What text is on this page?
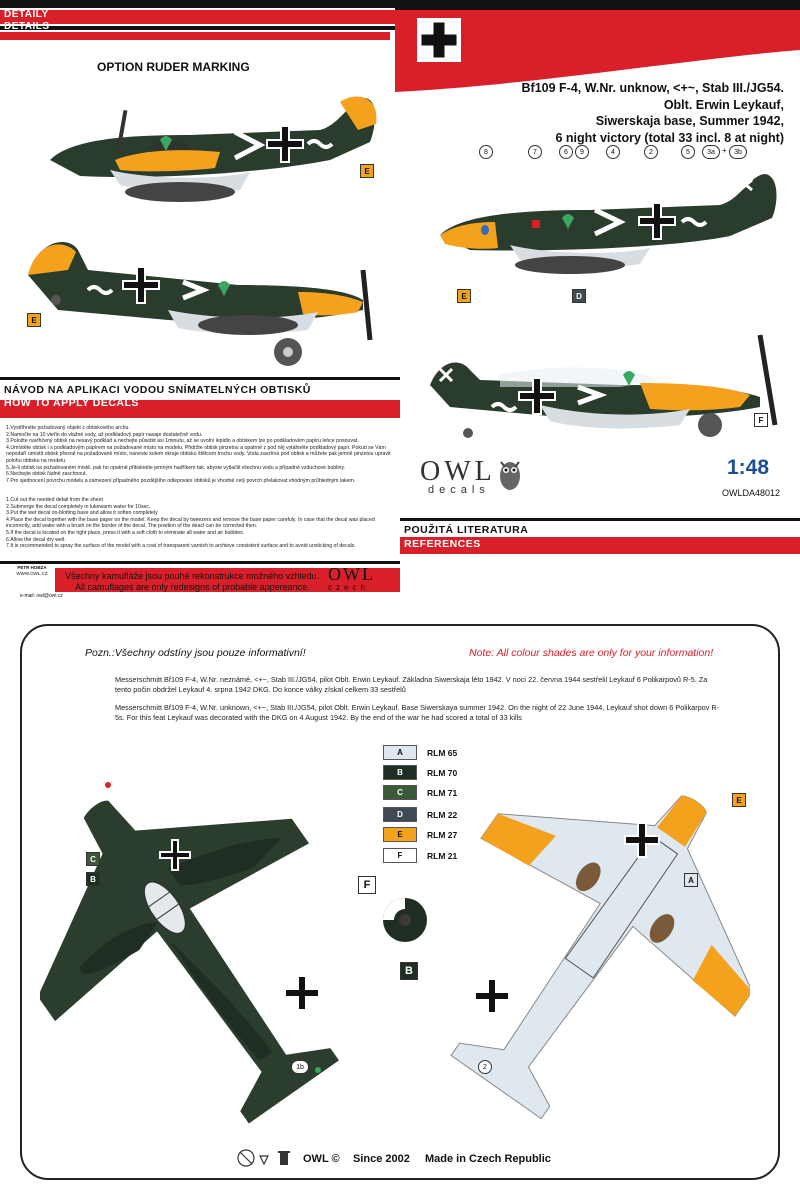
DETAILY
DETAILS
Bf109 F-4, W.Nr. unknow, <+~, Stab III./JG54.
Oblt. Erwin Leykauf,
Siwerskaja base, Summer 1942,
6 night victory (total 33 incl. 8 at night)
OPTION RUDER MARKING
E
E
8	7	6	9	4	2	5	3a +	3b
E	D
F
NÁVOD NA APLIKACI VODOU SNÍMATELNÝCH OBTISKŮ
HOW TO APPLY DECALS
1.Vystřihněte požadovaný objekt z obtiskového archu.
2.Namočte na 10 vteřin do vlažné vody, až podkladový papír nasaje dostatečně vodu.
3.Položte navlhčený obtisk na nesavý podklad a nechejte působit asi 1minutu, až se uvolní lepidlo a obtiskem lze po podkladovém papíru lehce posouvat.
4.Umístěte obtisk i s podkladovým papírem na požadované místo na modelu. Přidržte obtisk pinzetou a opatrně z pod něj vytáhněte podkladový papír. Pokud se Vám nepodaří umístit obtisk přesně na požadované místo, naneste kolem okraje obtisku štětcem trochu vody. Voda zavzlíná pod obtisk a můžete pak jemně pinzetou upravit polohu obtisku na modelu.
5.Je-li obtisk na požadovaném místě, pak ho opatrně přitiskněte jemným hadříkem tak, abyste vytlačili všechnu vodu a případné vzduchové bubliny.
6.Nechejte obtisk řádně zaschnout.
7.Pro sjednocení povrchu modelu a zamezení případného pozdějšího odlepování obtisků je vhodné celý povrch přelakovat vhodným průhledným lakem.
1.Cut out the needed detail from the sheet
2.Submerge the decal completely in lukewarm water for 10sec.
3.Put the wet decal on-blotting base and allow it soften completely
4.Place the decal together with the base paper on the model. Keep the decal by tweezers and remove the base paper carefuly. In case that the decal was placed incorrectly, add water with a brush on the border of the decal. The position of the deacl can be corrected then.
5.If the decal is located on the right place, press it with a soft cloth to eliminate all water and air bubbles.
6.Allow the decal dry well.
7.It is recommended to spray the surface of the model with a coat of transparent varnish to archieve consistent surface and to avoid unsticking of decals.
OWL
decals
1:48
OWLDA48012
POUŽITÁ LITERATURA
REFERENCES
PETR HOBZA
WWW.OWL.CZ
e-mail: owl@owl.cz
Všechny kamufláže jsou pouhé rekonstrukce možného vzhledu.
All camuflages are only redesigns of probable appereance.
OWL
czech
Pozn.:Všechny odstíny jsou pouze informativní!	Note: All colour shades are only for your information!
Messerschmitt Bf109 F-4, W.Nr. neznámé, <+~, Stab III./JG54, pilot Oblt. Erwin Leykauf. Základna Siwerskaja léto 1942. V noci 22. června 1944 sestřelil Leykauf 6 Polikarpovů R-5. Za tento počin obdržel Leykauf 4. srpna 1942 DKG. Do konce války získal celkem 33 sestřelů
Messerschmitt Bf109 F-4, W.Nr. unknown, <+~, Stab III./JG54, pilot Oblt. Erwin Leykauf. Base Siwerskaya summer 1942. On the night of 22 June 1944, Leykauf shot down 6 Polikarpov R-5s. For this feat Leykauf was decorated with the DKG on 4 August 1942. By the end of the war he had scored a total of 33 kills
A	RLM 65
B	RLM 70
C	RLM 71
D	RLM 22
E	RLM 27
F	RLM 21
C
B
1b
F
B
E
A
2
OWL © Since 2002 Made in Czech Republic
